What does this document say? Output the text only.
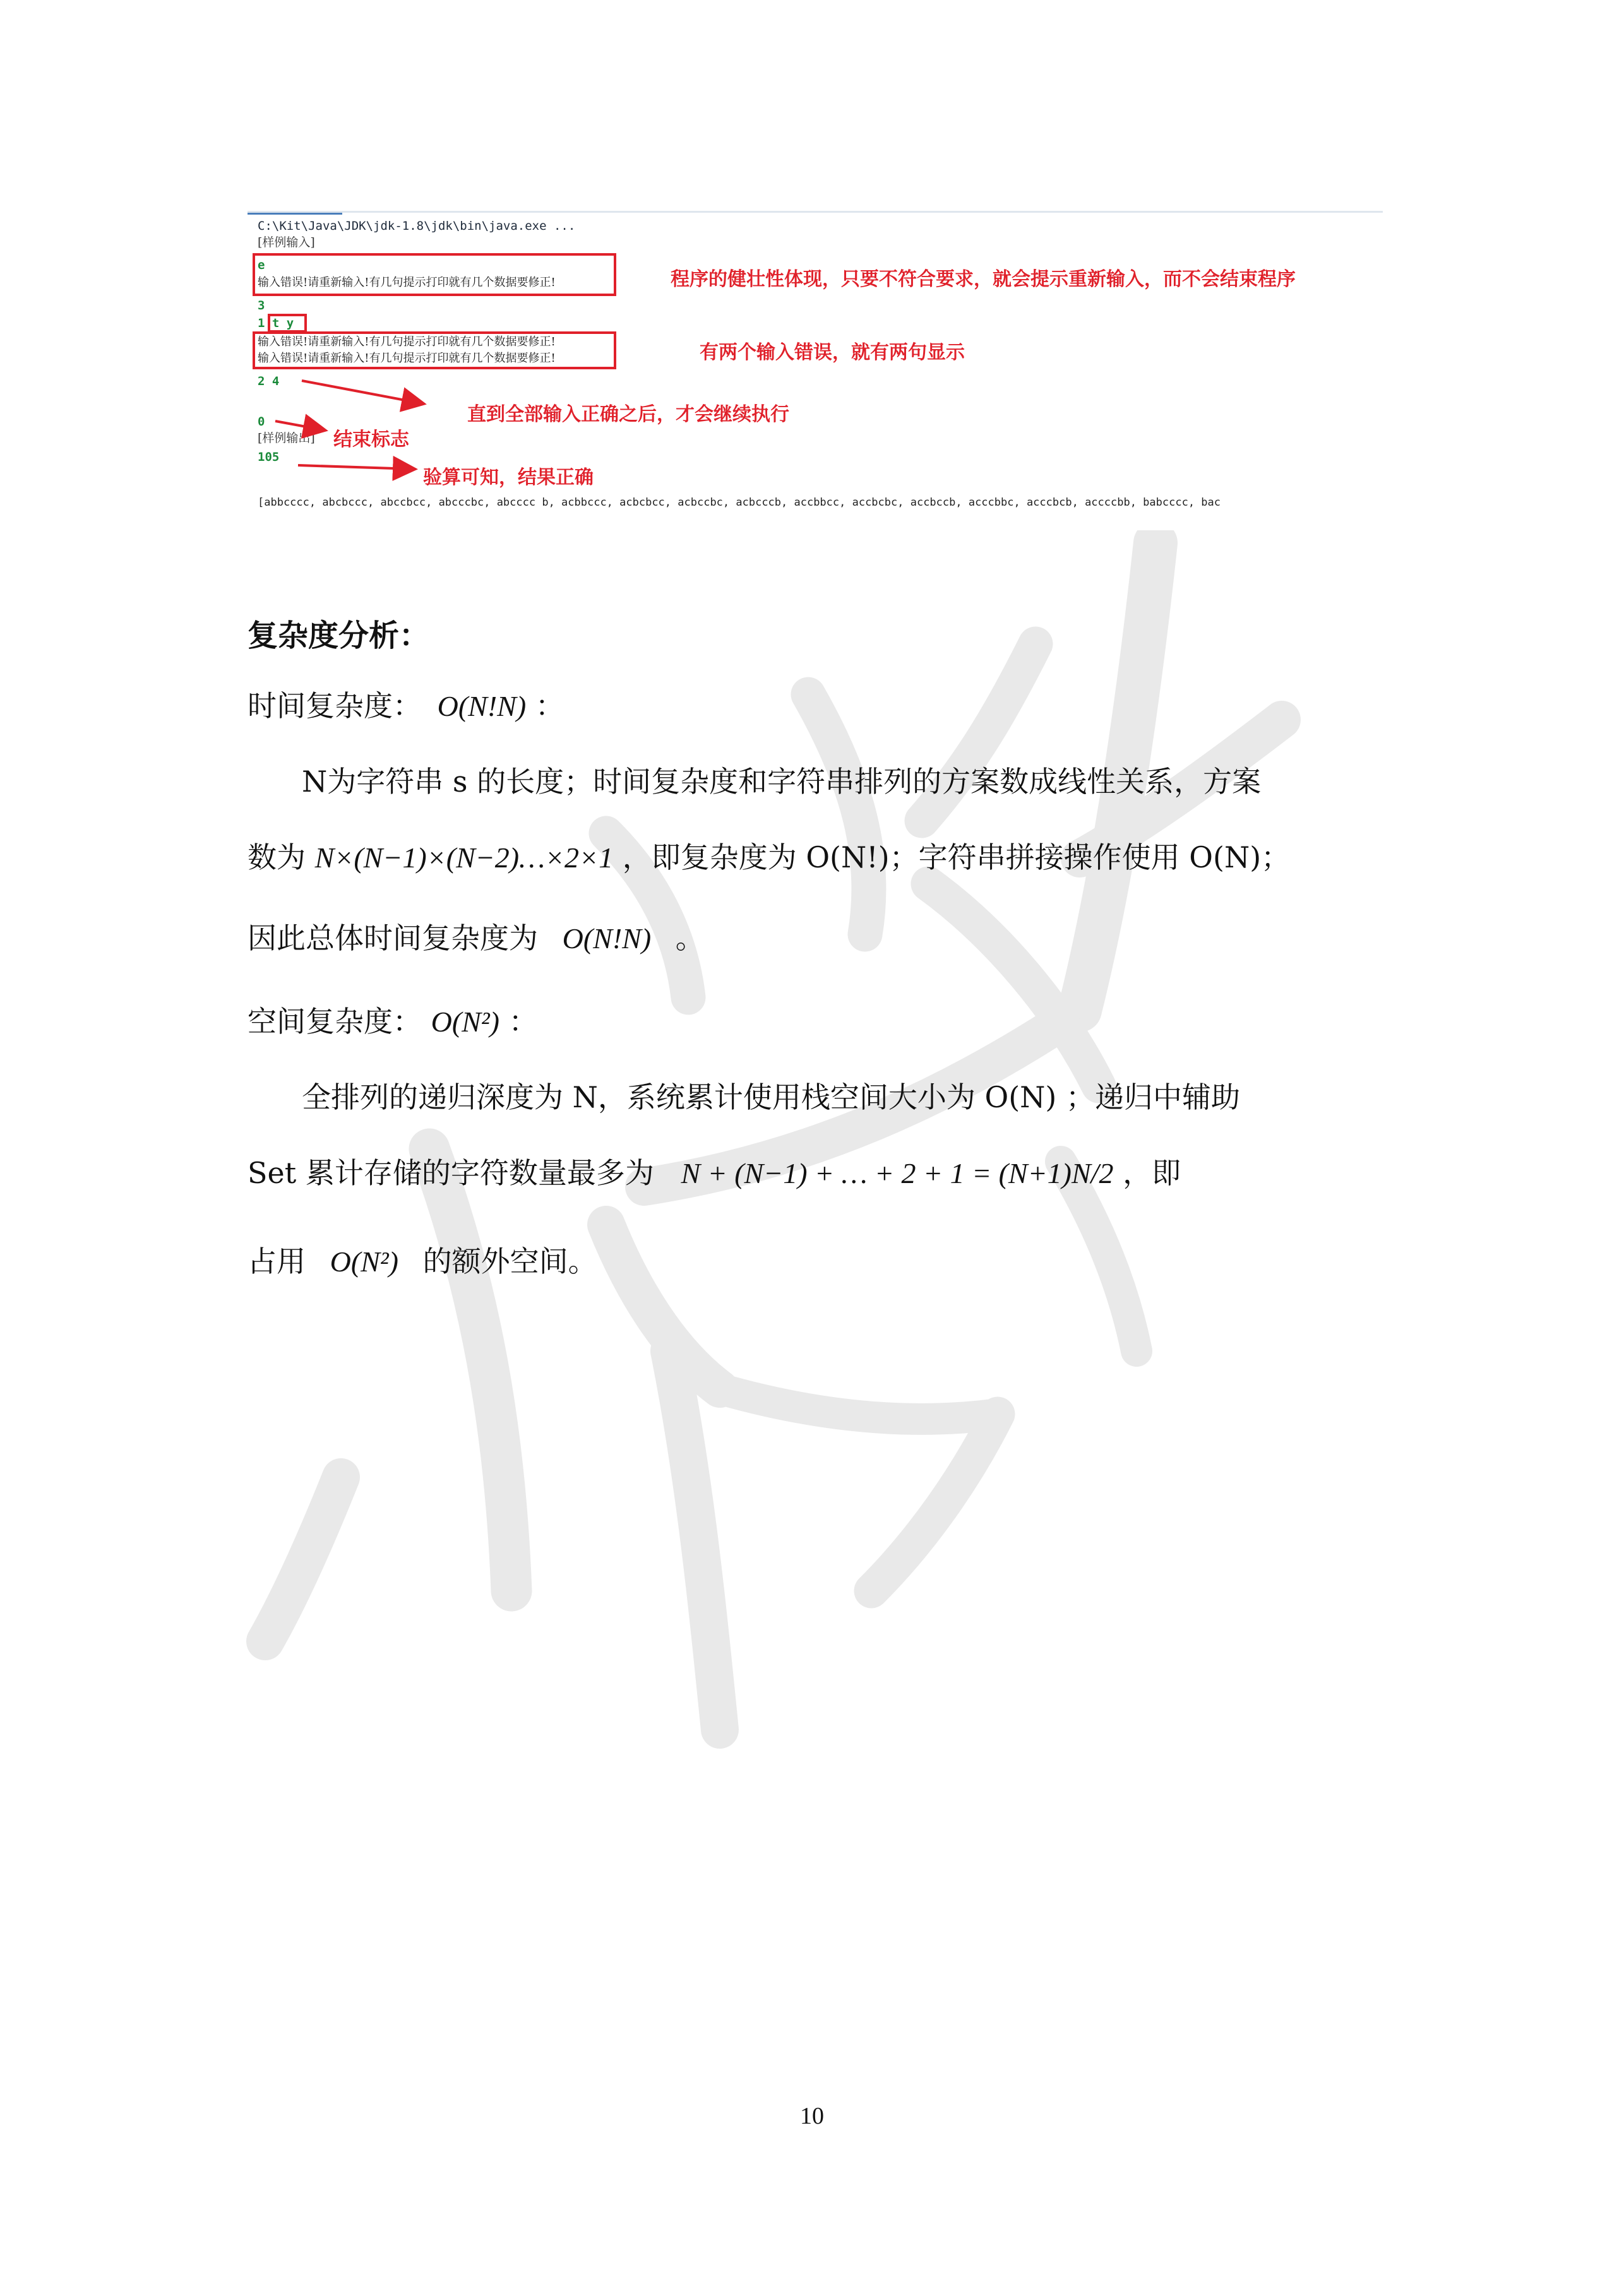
C:\Kit\Java\JDK\jdk-1.8\jdk\bin\java.exe ...
[样例输入]
e
输入错误!请重新输入!有几句提示打印就有几个数据要修正!
3
1 t y
输入错误!请重新输入!有几句提示打印就有几个数据要修正!
输入错误!请重新输入!有几句提示打印就有几个数据要修正!
2 4
0
[样例输出]
105
[abbcccc, abcbccc, abccbcc, abcccbc, abcccc b, acbbccc, acbcbcc, acbccbc, acbcccb, accbbcc, accbcbc, accbccb, acccbbc, acccbcb, accccbb, babcccc, bac
程序的健壮性体现，只要不符合要求，就会提示重新输入，而不会结束程序
有两个输入错误，就有两句显示
直到全部输入正确之后，才会继续执行
结束标志
验算可知，结果正确
复杂度分析：
时间复杂度： O(N!N) ：
N为字符串 s 的长度；时间复杂度和字符串排列的方案数成线性关系，方案
数为 N×(N−1)×(N−2)…×2×1 ，即复杂度为 O(N!)；字符串拼接操作使用 O(N)；
因此总体时间复杂度为 O(N!N) 。
空间复杂度： O(N²) ：
全排列的递归深度为 N，系统累计使用栈空间大小为 O(N) ；递归中辅助
Set 累计存储的字符数量最多为 N + (N−1) + … + 2 + 1 = (N+1)N/2 ，即
占用 O(N²) 的额外空间。
10
